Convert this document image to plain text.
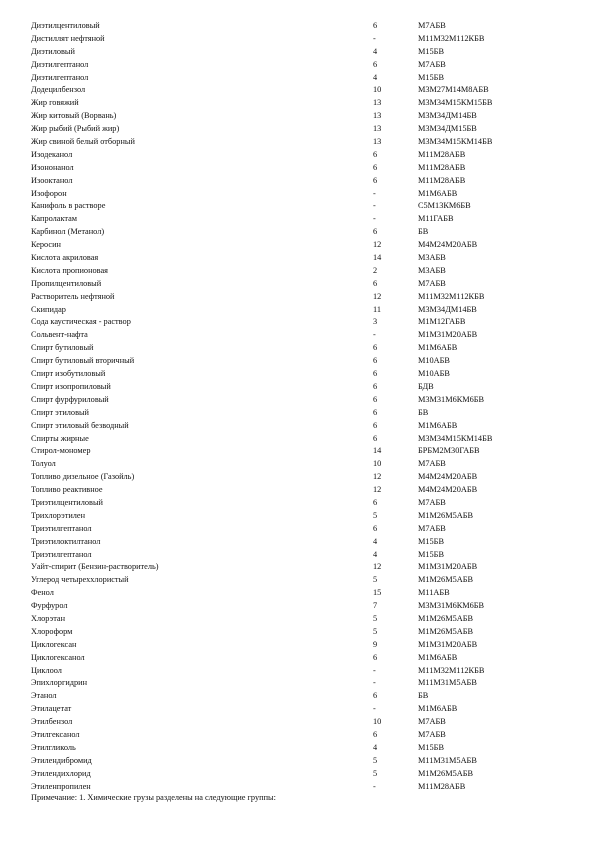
Диэтилцентиловый	6	М7АБВ
Дистиллят нефтяной	-	М11М32М112КБВ
Диэтиловый	4	М15БВ
Диэтилгептанол	6	М7АБВ
Диэтилгептанол	4	М15БВ
Додецилбензол	10	М3М27М14М8АБВ
Жир говяжий	13	М3М34М15КМ15БВ
Жир китовый (Ворвань)	13	М3М34ДМ14БВ
Жир рыбий (Рыбий жир)	13	М3М34ДМ15БВ
Жир свиной белый отборный	13	М3М34М15КМ14БВ
Изодеканол	6	М11М28АБВ
Изононанол	6	М11М28АБВ
Изооктанол	6	М11М28АБВ
Изофорон	-	М1М6АБВ
Канифоль в растворе	-	С5М13КМ6БВ
Капролактам	-	М11ГАБВ
Карбинол (Метанол)	6	БВ
Керосин	12	М4М24М20АБВ
Кислота акриловая	14	М3АБВ
Кислота пропионовая	2	М3АБВ
Пропилцентиловый	6	М7АБВ
Растворитель нефтяной	12	М11М32М112КБВ
Скипидар	11	М3М34ДМ14БВ
Сода каустическая - раствор	3	М1М12ГАБВ
Сольвент-нафта	-	М1М31М20АБВ
Спирт бутиловый	6	М1М6АБВ
Спирт бутиловый вторичный	6	М10АБВ
Спирт изобутиловый	6	М10АБВ
Спирт изопропиловый	6	БДВ
Спирт фурфуриловый	6	М3М31М6КМ6БВ
Спирт этиловый	6	БВ
Спирт этиловый безводный	6	М1М6АБВ
Спирты жирные	6	М3М34М15КМ14БВ
Стирол-мономер	14	БРБМ2М30ГАБВ
Толуол	10	М7АБВ
Топливо дизельное (Газойль)	12	М4М24М20АБВ
Топливо реактивное	12	М4М24М20АБВ
Триэтилцентиловый	6	М7АБВ
Трихлорэтилен	5	М1М26М5АБВ
Триэтилгептанол	6	М7АБВ
Триэтилоктилтанол	4	М15БВ
Триэтилгептанол	4	М15БВ
Уайт-спирит (Бензин-растворитель)	12	М1М31М20АБВ
Углерод четыреххлористый	5	М1М26М5АБВ
Фенол	15	М11АБВ
Фурфурол	7	М3М31М6КМ6БВ
Хлорэтан	5	М1М26М5АБВ
Хлороформ	5	М1М26М5АБВ
Циклогексан	9	М1М31М20АБВ
Циклогексанол	6	М1М6АБВ
Циклоол	-	М11М32М112КБВ
Эпихлоргидрин	-	М11М31М5АБВ
Этанол	6	БВ
Этилацетат	-	М1М6АБВ
Этилбензол	10	М7АБВ
Этилгексанол	6	М7АБВ
Этилгликоль	4	М15БВ
Этилендибромид	5	М11М31М5АБВ
Этилендихлорид	5	М1М26М5АБВ
Этиленпропилен	-	М11М28АБВ
Примечание: 1. Химические грузы разделены на следующие группы:
